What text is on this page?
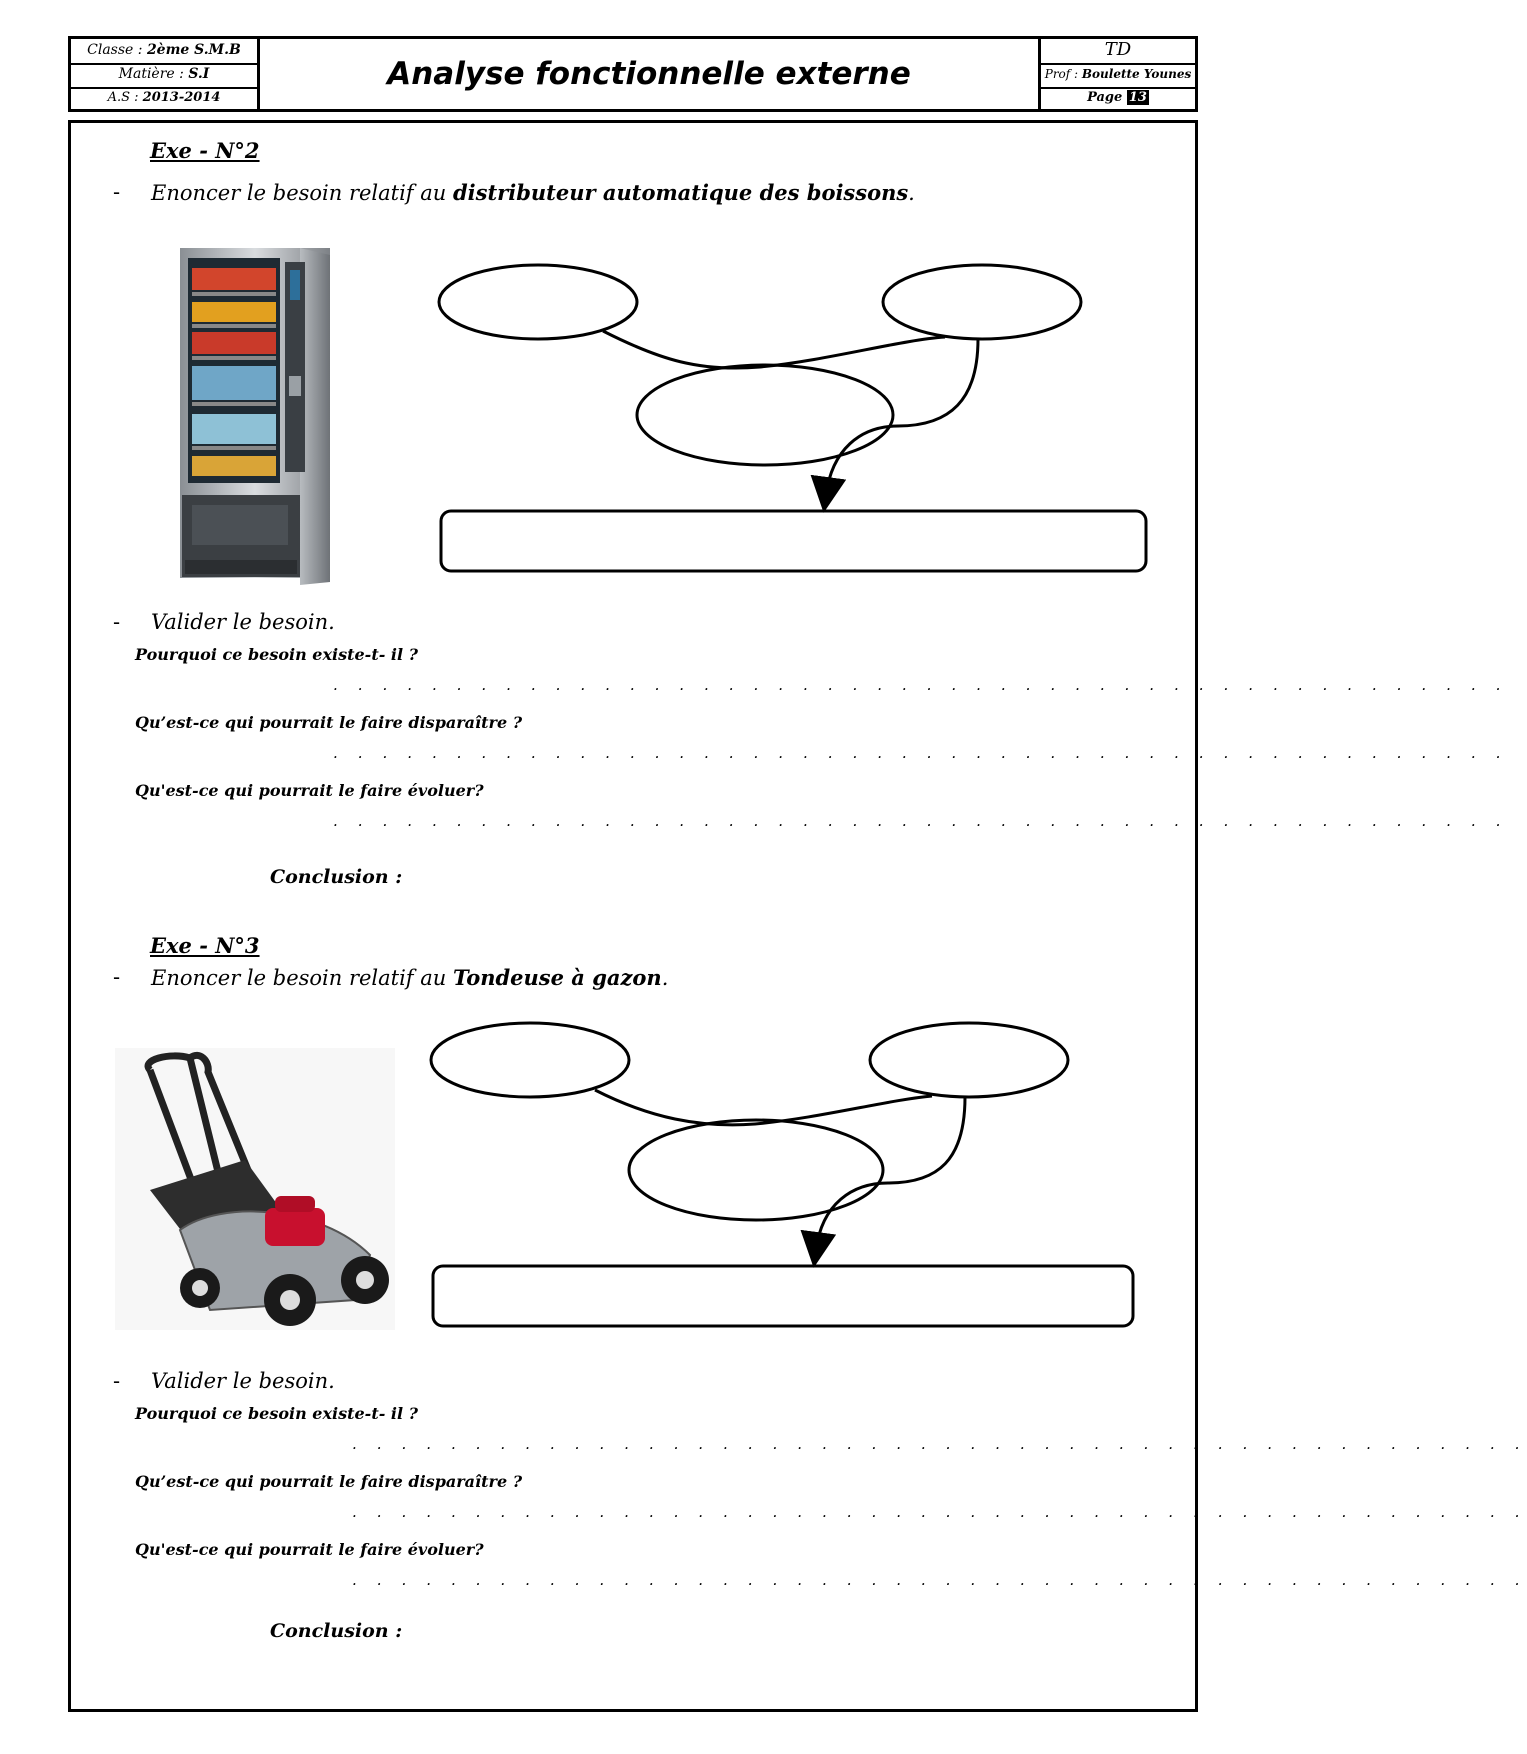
Classe : 2ème S.M.B
Matière : S.I
A.S : 2013-2014
Analyse fonctionnelle externe
TD
Prof : Boulette Younes
Page 13
Exe - N°2
- Enoncer le besoin relatif au distributeur automatique des boissons.
- Valider le besoin.
Pourquoi ce besoin existe-t- il ?
. . . . . . . . . . . . . . . . . . . . . . . . . . . . . . . . . . . . . . . . . . . . . . . .
Qu’est-ce qui pourrait le faire disparaître ?
. . . . . . . . . . . . . . . . . . . . . . . . . . . . . . . . . . . . . . . . . . . . . . . .
Qu'est-ce qui pourrait le faire évoluer?
. . . . . . . . . . . . . . . . . . . . . . . . . . . . . . . . . . . . . . . . . . . . . . . .
Conclusion :
Exe - N°3
- Enoncer le besoin relatif au Tondeuse à gazon.
- Valider le besoin.
Pourquoi ce besoin existe-t- il ?
. . . . . . . . . . . . . . . . . . . . . . . . . . . . . . . . . . . . . . . . . . . . . . . .
Qu’est-ce qui pourrait le faire disparaître ?
. . . . . . . . . . . . . . . . . . . . . . . . . . . . . . . . . . . . . . . . . . . . . . . .
Qu'est-ce qui pourrait le faire évoluer?
. . . . . . . . . . . . . . . . . . . . . . . . . . . . . . . . . . . . . . . . . . . . . . . .
Conclusion :
